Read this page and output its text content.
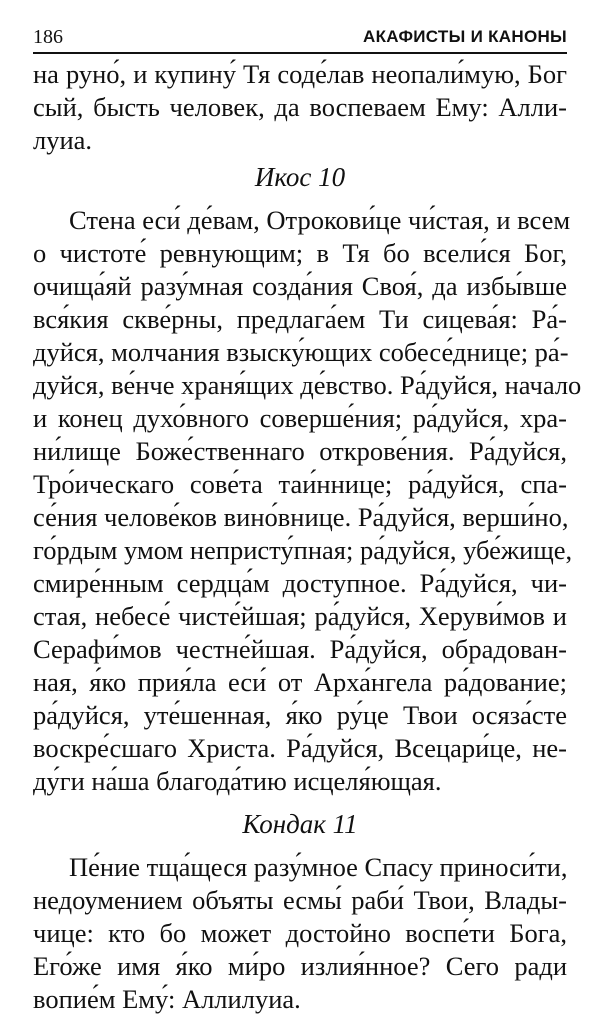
186	АКАФИСТЫ И КАНОНЫ
на руно́, и купину́ Тя соде́лав неопали́мую, Бог
сый, бысть человек, да воспеваем Ему: Алли-
луиа.
Икос 10
Стена еси́ де́вам, Отрокови́це чи́стая, и всем
о чистоте́ ревнующим; в Тя бо всели́ся Бог,
очища́яй разу́мная созда́ния Своя́, да избы́вше
вся́кия скве́рны, предлага́ем Ти сицева́я: Ра́-
дуйся, молчания взыску́ющих собесе́днице; ра́-
дуйся, ве́нче храня́щих де́вство. Ра́дуйся, начало
и конец духо́вного соверше́ния; ра́дуйся, хра-
ни́лище Боже́ственнаго открове́ния. Ра́дуйся,
Тро́ическаго сове́та таи́ннице; ра́дуйся, спа-
се́ния челове́ков вино́внице. Ра́дуйся, верши́но,
го́рдым умом непристу́пная; ра́дуйся, убе́жище,
смире́нным сердца́м доступное. Ра́дуйся, чи-
стая, небесе́ чисте́йшая; ра́дуйся, Херуви́мов и
Серафи́мов честне́йшая. Ра́дуйся, обрадован-
ная, я́ко прия́ла еси́ от Арха́нгела ра́дование;
ра́дуйся, уте́шенная, я́ко ру́це Твои осяза́сте
воскре́сшаго Христа. Ра́дуйся, Всецари́це, не-
ду́ги на́ша благода́тию исцеля́ющая.
Кондак 11
Пе́ние тща́щеся разу́мное Спасу приноси́ти,
недоумением объяты есмы́ раби́ Твои, Влады-
чице: кто бо может достойно воспе́ти Бога,
Его́же имя я́ко ми́ро излия́нное? Сего ради
вопие́м Ему́: Аллилуиа.
